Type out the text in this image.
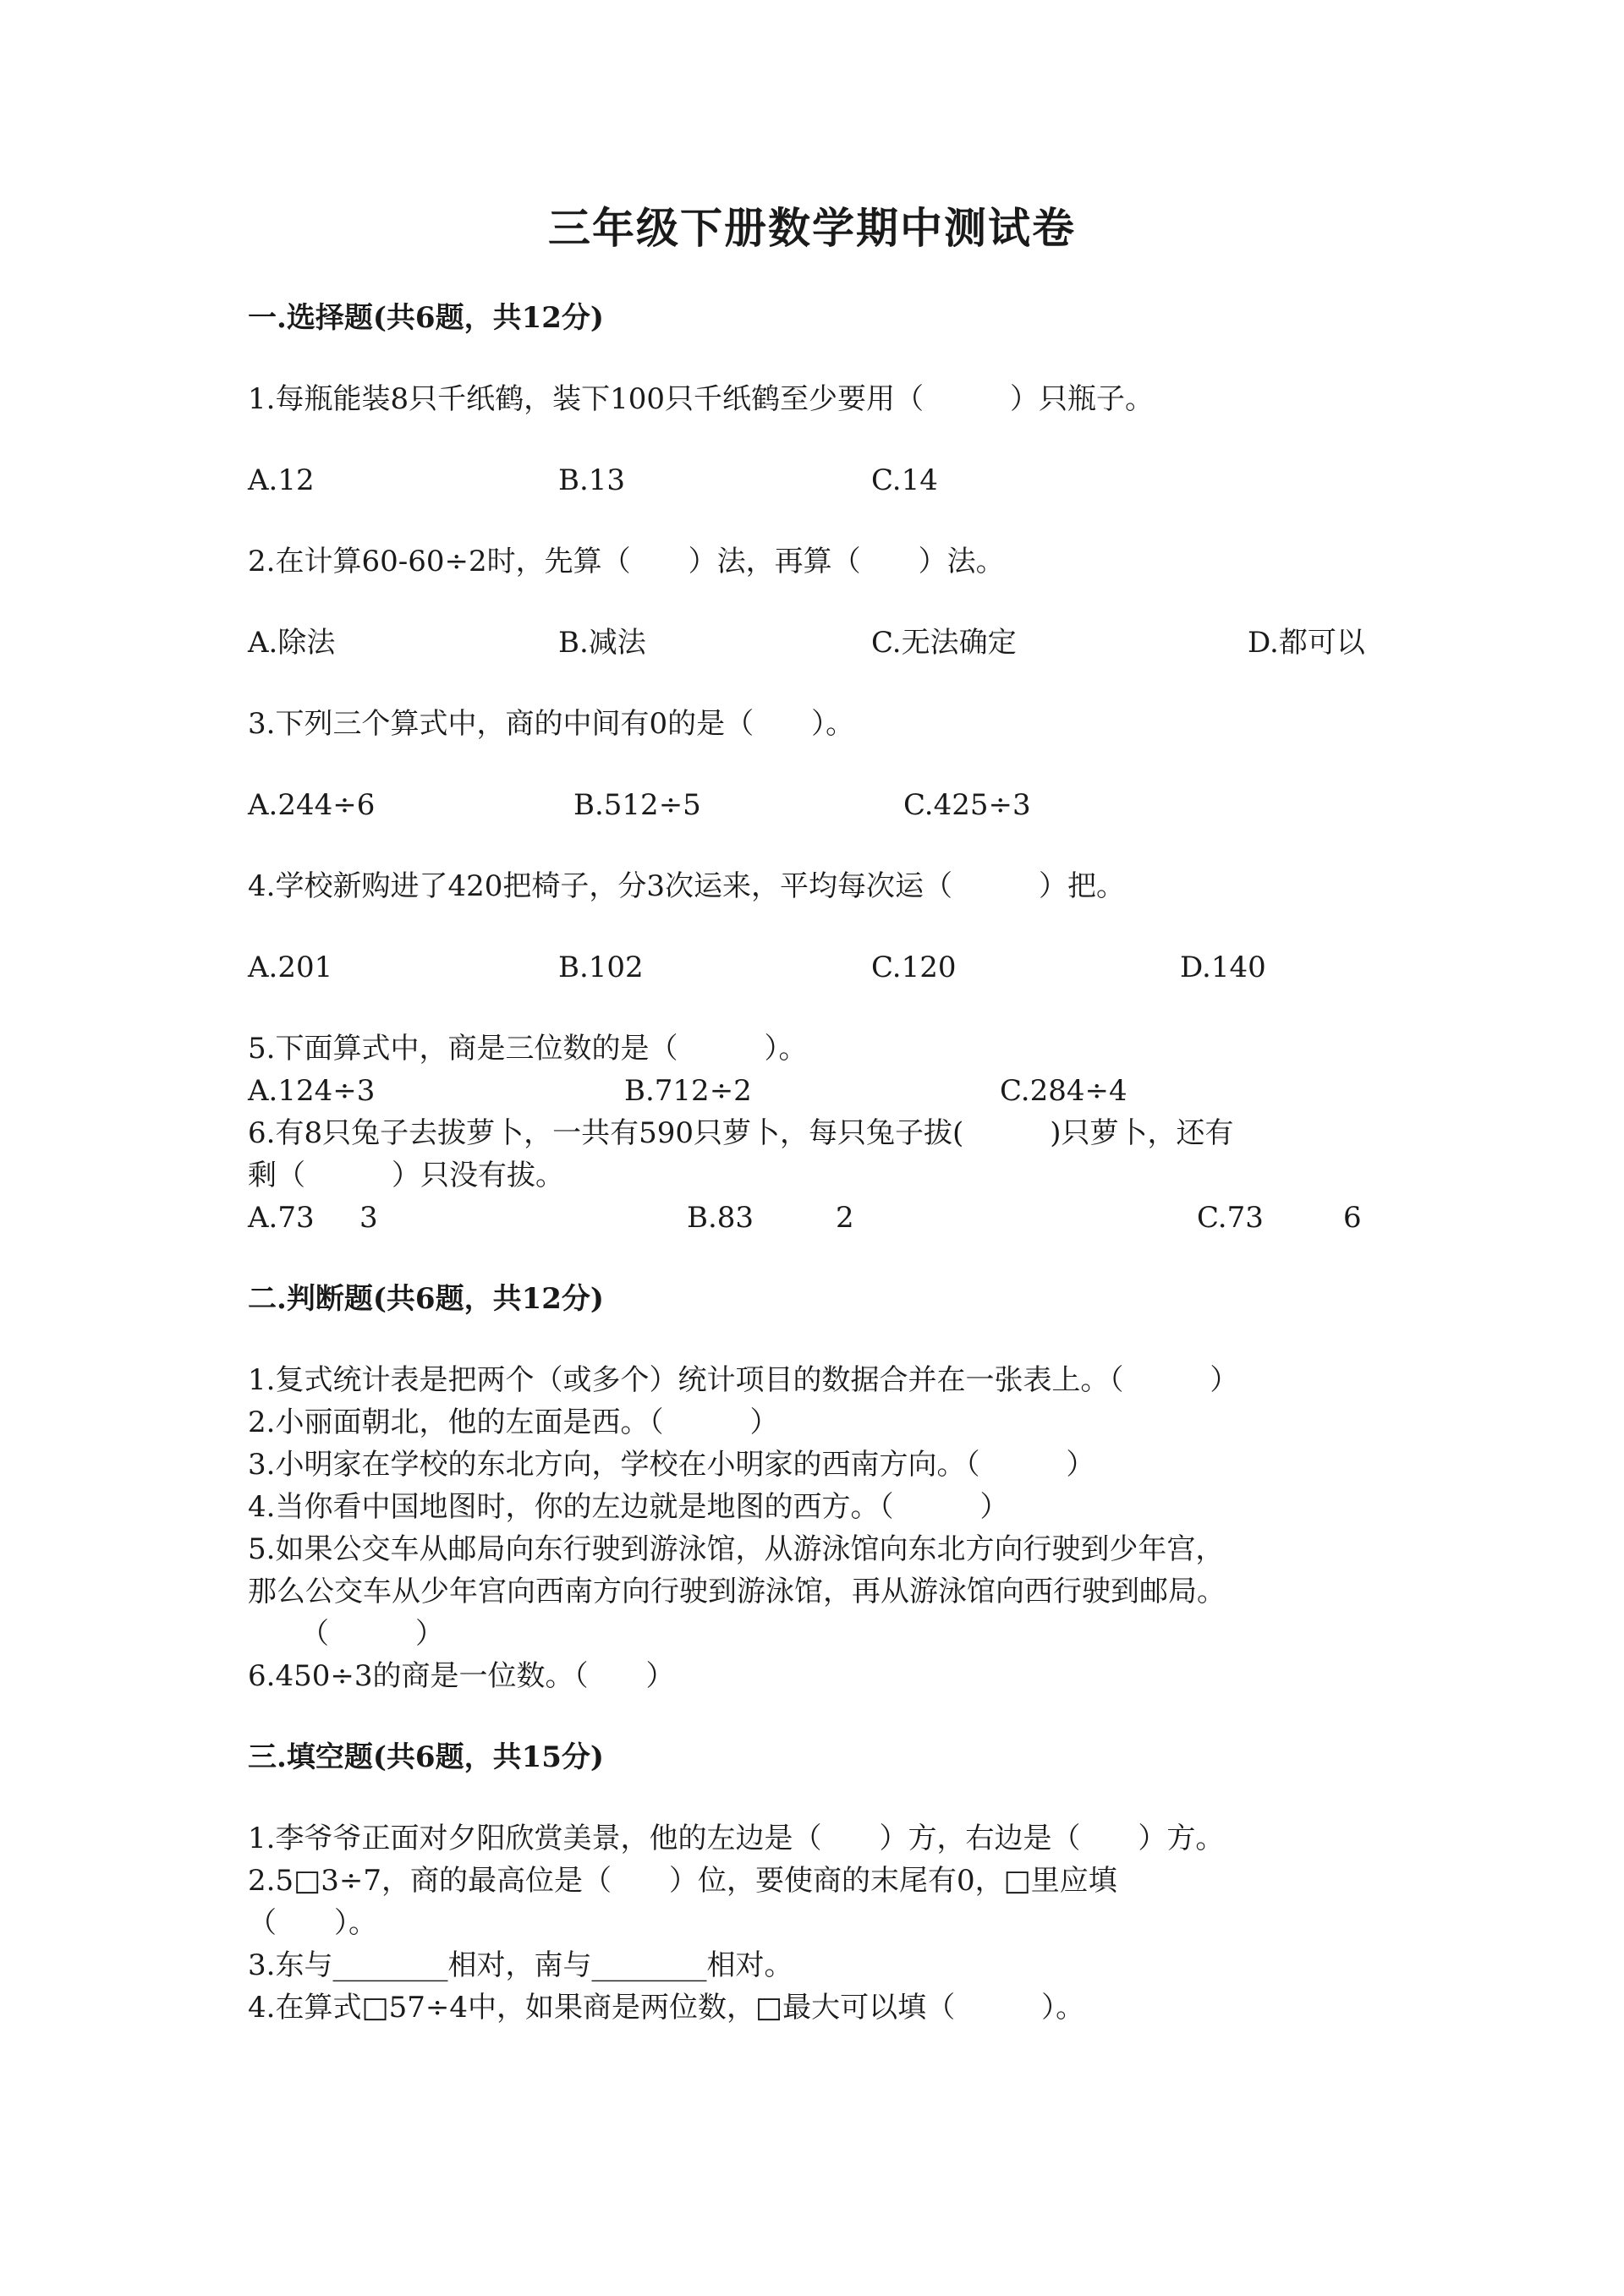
三年级下册数学期中测试卷
一.选择题(共6题，共12分)
1.每瓶能装8只千纸鹤，装下100只千纸鹤至少要用（　　　）只瓶子。
A.12	B.13	C.14
2.在计算60-60÷2时，先算（　　）法，再算（　　）法。
A.除法	B.减法	C.无法确定	D.都可以
3.下列三个算式中，商的中间有0的是（　　）。
A.244÷6	B.512÷5	C.425÷3
4.学校新购进了420把椅子，分3次运来，平均每次运（　　　）把。
A.201	B.102	C.120	D.140
5.下面算式中，商是三位数的是（　　　）。
A.124÷3	B.712÷2	C.284÷4
6.有8只兔子去拔萝卜，一共有590只萝卜，每只兔子拔(　　　)只萝卜，还有
剩（　　　）只没有拔。
A.73 3	B.83	2	C.73	6
二.判断题(共6题，共12分)
1.复式统计表是把两个（或多个）统计项目的数据合并在一张表上。（　　　）
2.小丽面朝北，他的左面是西。（　　　）
3.小明家在学校的东北方向，学校在小明家的西南方向。（　　　）
4.当你看中国地图时，你的左边就是地图的西方。（　　　）
5.如果公交车从邮局向东行驶到游泳馆，从游泳馆向东北方向行驶到少年宫，
那么公交车从少年宫向西南方向行驶到游泳馆，再从游泳馆向西行驶到邮局。
（　　　）
6.450÷3的商是一位数。（　　）
三.填空题(共6题，共15分)
1.李爷爷正面对夕阳欣赏美景，他的左边是（　　）方，右边是（　　）方。
2.5□3÷7，商的最高位是（　　）位，要使商的末尾有0，□里应填
（　　）。
3.东与________相对，南与________相对。
4.在算式□57÷4中，如果商是两位数，□最大可以填（　　　）。
